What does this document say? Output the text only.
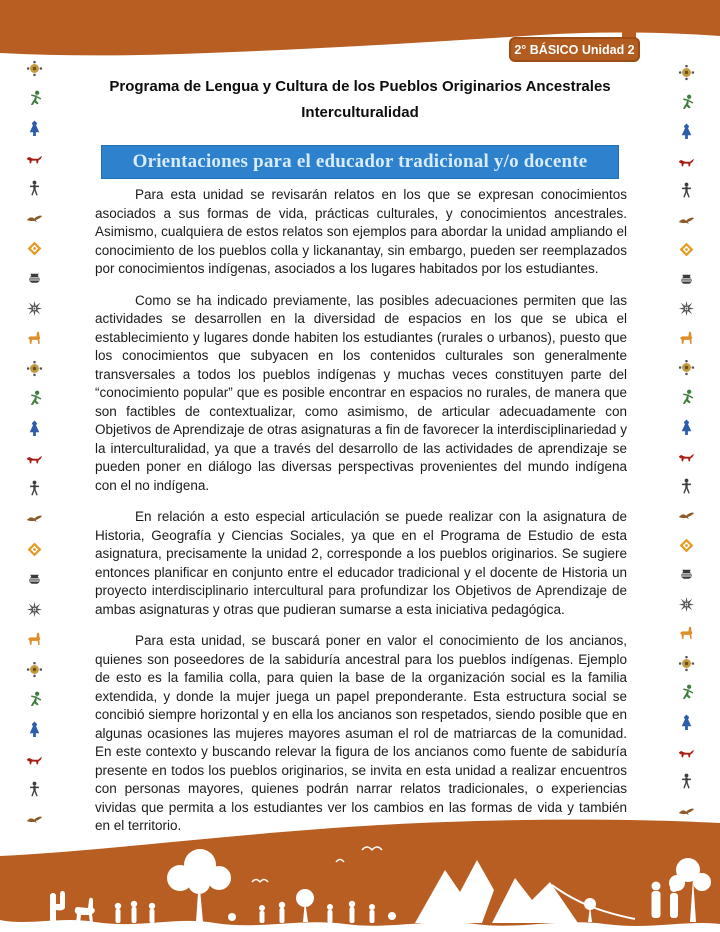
2° BÁSICO Unidad 2
Programa de Lengua y Cultura de los Pueblos Originarios Ancestrales
Interculturalidad
Orientaciones para el educador tradicional y/o docente

Para esta unidad se revisarán relatos en los que se expresan conocimientos asociados a sus formas de vida, prácticas culturales, y conocimientos ancestrales. Asimismo, cualquiera de estos relatos son ejemplos para abordar la unidad ampliando el conocimiento de los pueblos colla y lickanantay, sin embargo, pueden ser reemplazados por conocimientos indígenas, asociados a los lugares habitados por los estudiantes.

Como se ha indicado previamente, las posibles adecuaciones permiten que las actividades se desarrollen en la diversidad de espacios en los que se ubica el establecimiento y lugares donde habiten los estudiantes (rurales o urbanos), puesto que los conocimientos que subyacen en los contenidos culturales son generalmente transversales a todos los pueblos indígenas y muchas veces constituyen parte del “conocimiento popular” que es posible encontrar en espacios no rurales, de manera que son factibles de contextualizar, como asimismo, de articular adecuadamente con Objetivos de Aprendizaje de otras asignaturas a fin de favorecer la interdisciplinariedad y la interculturalidad, ya que a través del desarrollo de las actividades de aprendizaje se pueden poner en diálogo las diversas perspectivas provenientes del mundo indígena con el no indígena.

En relación a esto especial articulación se puede realizar con la asignatura de Historia, Geografía y Ciencias Sociales, ya que en el Programa de Estudio de esta asignatura, precisamente la unidad 2, corresponde a los pueblos originarios. Se sugiere entonces planificar en conjunto entre el educador tradicional y el docente de Historia un proyecto interdisciplinario intercultural para profundizar los Objetivos de Aprendizaje de ambas asignaturas y otras que pudieran sumarse a esta iniciativa pedagógica.

Para esta unidad, se buscará poner en valor el conocimiento de los ancianos, quienes son poseedores de la sabiduría ancestral para los pueblos indígenas. Ejemplo de esto es la familia colla, para quien la base de la organización social es la familia extendida, y donde la mujer juega un papel preponderante. Esta estructura social se concibió siempre horizontal y en ella los ancianos son respetados, siendo posible que en algunas ocasiones las mujeres mayores asuman el rol de matriarcas de la comunidad. En este contexto y buscando relevar la figura de los ancianos como fuente de sabiduría presente en todos los pueblos originarios, se invita en esta unidad a realizar encuentros con personas mayores, quienes podrán narrar relatos tradicionales, o experiencias vividas que permita a los estudiantes ver los cambios en las formas de vida y también en el territorio.
